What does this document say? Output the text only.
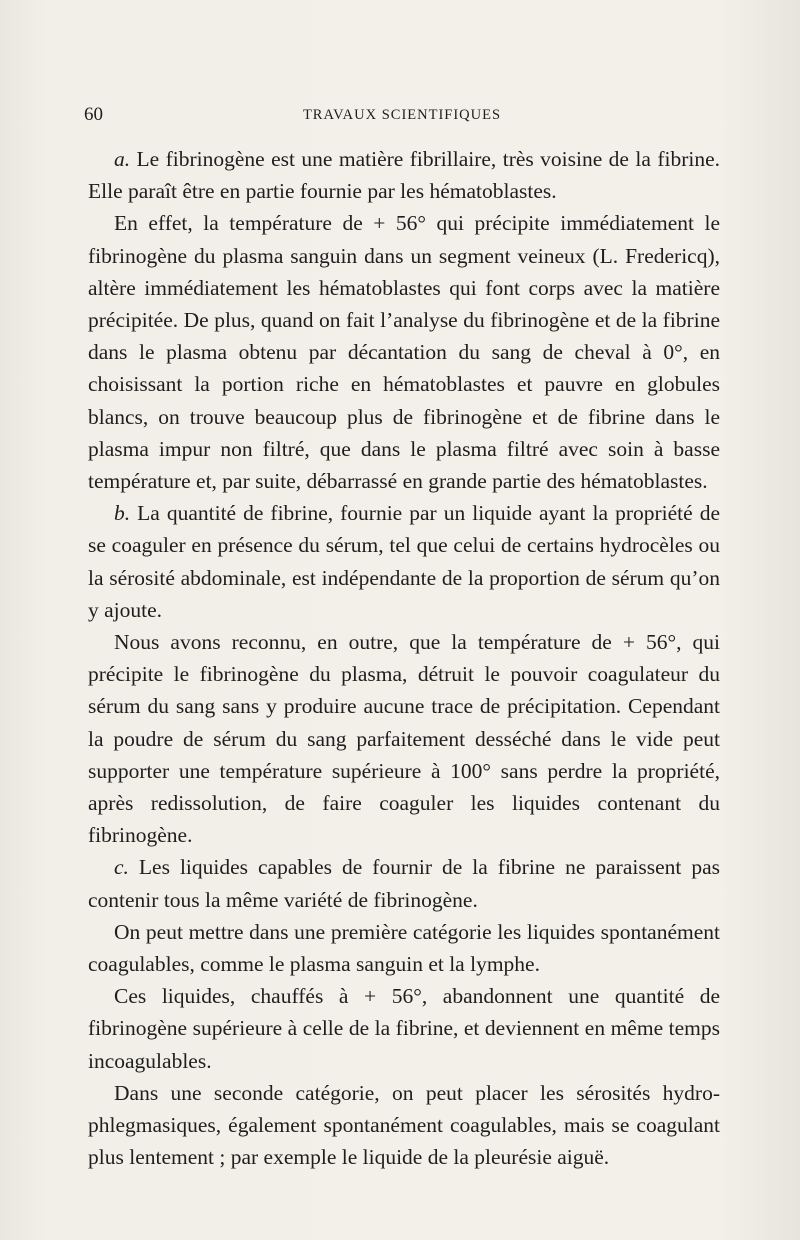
60	TRAVAUX SCIENTIFIQUES

a. Le fibrinogène est une matière fibrillaire, très voisine de la fibrine. Elle paraît être en partie fournie par les hématoblastes.

En effet, la température de + 56° qui précipite immédiatement le fibrinogène du plasma sanguin dans un segment veineux (L. Fredericq), altère immédiatement les hématoblastes qui font corps avec la matière précipitée. De plus, quand on fait l’analyse du fibrinogène et de la fibrine dans le plasma obtenu par décantation du sang de cheval à 0°, en choisissant la portion riche en hématoblastes et pauvre en globules blancs, on trouve beaucoup plus de fibrinogène et de fibrine dans le plasma impur non filtré, que dans le plasma filtré avec soin à basse température et, par suite, débarrassé en grande partie des hématoblastes.

b. La quantité de fibrine, fournie par un liquide ayant la propriété de se coaguler en présence du sérum, tel que celui de certains hydrocèles ou la sérosité abdominale, est indépendante de la proportion de sérum qu’on y ajoute.

Nous avons reconnu, en outre, que la température de + 56°, qui précipite le fibrinogène du plasma, détruit le pouvoir coagulateur du sérum du sang sans y produire aucune trace de précipitation. Cependant la poudre de sérum du sang parfaitement desséché dans le vide peut supporter une température supérieure à 100° sans perdre la propriété, après redissolution, de faire coaguler les liquides contenant du fibrinogène.

c. Les liquides capables de fournir de la fibrine ne paraissent pas contenir tous la même variété de fibrinogène.

On peut mettre dans une première catégorie les liquides spontanément coagulables, comme le plasma sanguin et la lymphe.

Ces liquides, chauffés à + 56°, abandonnent une quantité de fibrinogène supérieure à celle de la fibrine, et deviennent en même temps incoagulables.

Dans une seconde catégorie, on peut placer les sérosités hydro-phlegmasiques, également spontanément coagulables, mais se coagulant plus lentement ; par exemple le liquide de la pleurésie aiguë.
